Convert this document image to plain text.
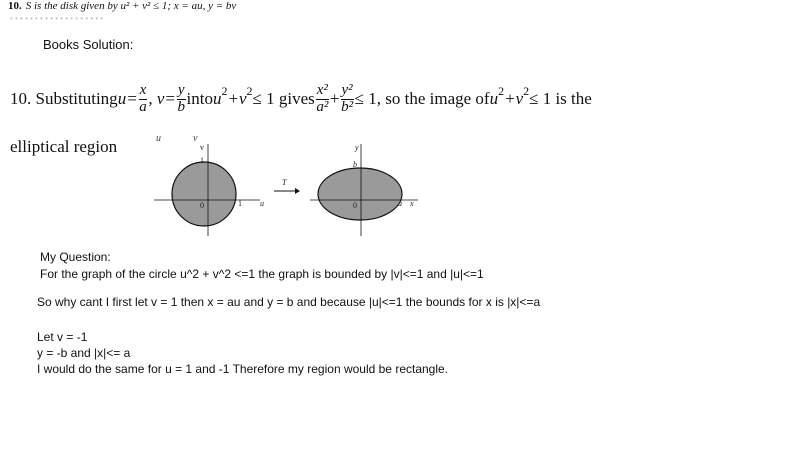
10. S is the disk given by u² + v² ≤ 1; x = au, y = bv
• • • • • • • • • • • • • • • • • • •
Books Solution:
10. Substituting $u= \frac{x}{a}$ , $v= \frac{y}{b}$ into u 2 +v 2 ≤ 1 gives $\frac{\text{x²}}{\text{a²}} + \frac{\text{y²}}{\text{b²}} \le 1$ , so the image of u 2 +v 2 ≤ 1 is the
elliptical region	u	v
v
1
0	1 u
T
y
b
0	a x
My Question:
For the graph of the circle u^2 + v^2 <=1 the graph is bounded by |v|<=1 and |u|<=1
So why cant I first let v = 1 then x = au and y = b and because |u|<=1 the bounds for x is |x|<=a
Let v = -1
y = -b and |x|<= a
I would do the same for u = 1 and -1 Therefore my region would be rectangle.
